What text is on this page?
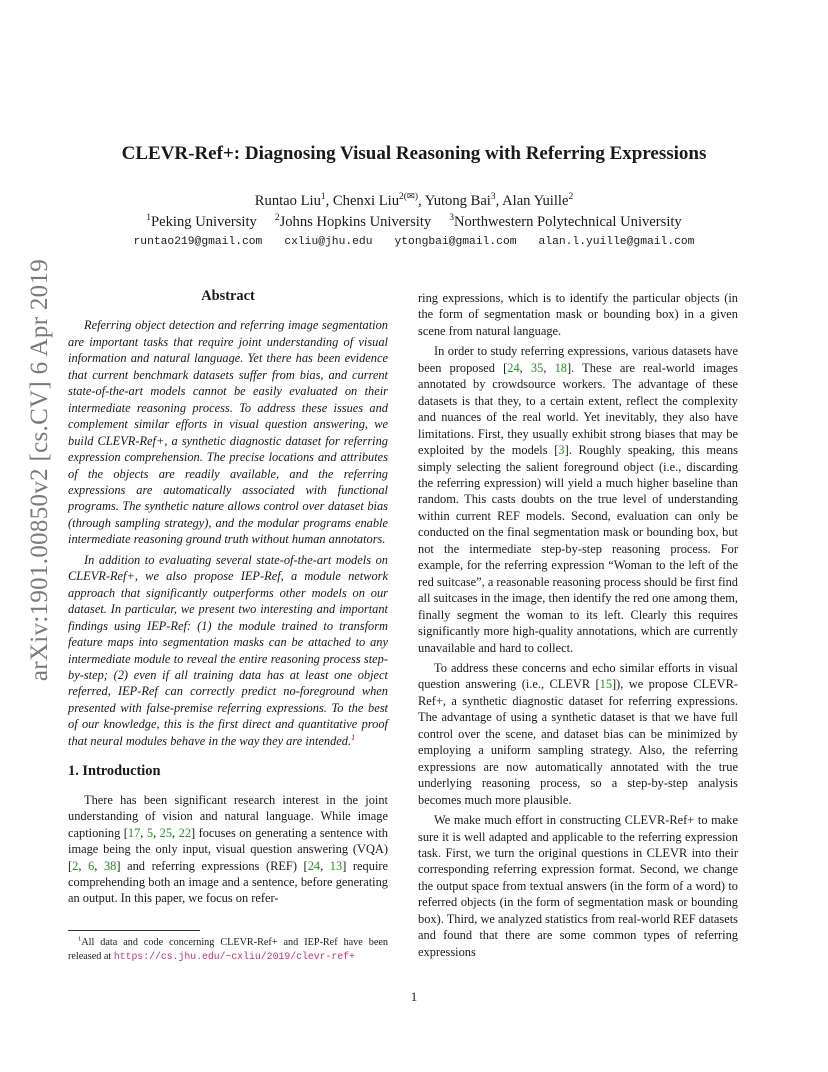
arXiv:1901.00850v2 [cs.CV] 6 Apr 2019
CLEVR-Ref+: Diagnosing Visual Reasoning with Referring Expressions
Runtao Liu$^1$, Chenxi Liu$^{2(✉)}$, Yutong Bai$^3$, Alan Yuille$^2$
$^1$Peking University $^2$Johns Hopkins University $^3$Northwestern Polytechnical University
runtao219@gmail.com cxliu@jhu.edu ytongbai@gmail.com alan.l.yuille@gmail.com
Abstract

Referring object detection and referring image segmentation are important tasks that require joint understanding of visual information and natural language. Yet there has been evidence that current benchmark datasets suffer from bias, and current state-of-the-art models cannot be easily evaluated on their intermediate reasoning process. To address these issues and complement similar efforts in visual question answering, we build CLEVR-Ref+, a synthetic diagnostic dataset for referring expression comprehension. The precise locations and attributes of the objects are readily available, and the referring expressions are automatically associated with functional programs. The synthetic nature allows control over dataset bias (through sampling strategy), and the modular programs enable intermediate reasoning ground truth without human annotators.

In addition to evaluating several state-of-the-art models on CLEVR-Ref+, we also propose IEP-Ref, a module network approach that significantly outperforms other models on our dataset. In particular, we present two interesting and important findings using IEP-Ref: (1) the module trained to transform feature maps into segmentation masks can be attached to any intermediate module to reveal the entire reasoning process step-by-step; (2) even if all training data has at least one object referred, IEP-Ref can correctly predict no-foreground when presented with false-premise referring expressions. To the best of our knowledge, this is the first direct and quantitative proof that neural modules behave in the way they are intended.$^1$

1. Introduction

There has been significant research interest in the joint understanding of vision and natural language. While image captioning [17, 5, 25, 22] focuses on generating a sentence with image being the only input, visual question answering (VQA) [2, 6, 38] and referring expressions (REF) [24, 13] require comprehending both an image and a sentence, before generating an output. In this paper, we focus on refer-

ring expressions, which is to identify the particular objects (in the form of segmentation mask or bounding box) in a given scene from natural language.

In order to study referring expressions, various datasets have been proposed [24, 35, 18]. These are real-world images annotated by crowdsource workers. The advantage of these datasets is that they, to a certain extent, reflect the complexity and nuances of the real world. Yet inevitably, they also have limitations. First, they usually exhibit strong biases that may be exploited by the models [3]. Roughly speaking, this means simply selecting the salient foreground object (i.e., discarding the referring expression) will yield a much higher baseline than random. This casts doubts on the true level of understanding within current REF models. Second, evaluation can only be conducted on the final segmentation mask or bounding box, but not the intermediate step-by-step reasoning process. For example, for the referring expression “Woman to the left of the red suitcase”, a reasonable reasoning process should be first find all suitcases in the image, then identify the red one among them, finally segment the woman to its left. Clearly this requires significantly more high-quality annotations, which are currently unavailable and hard to collect.

To address these concerns and echo similar efforts in visual question answering (i.e., CLEVR [15]), we propose CLEVR-Ref+, a synthetic diagnostic dataset for referring expressions. The advantage of using a synthetic dataset is that we have full control over the scene, and dataset bias can be minimized by employing a uniform sampling strategy. Also, the referring expressions are now automatically annotated with the true underlying reasoning process, so a step-by-step analysis becomes much more plausible.

We make much effort in constructing CLEVR-Ref+ to make sure it is well adapted and applicable to the referring expression task. First, we turn the original questions in CLEVR into their corresponding referring expression format. Second, we change the output space from textual answers (in the form of a word) to referred objects (in the form of segmentation mask or bounding box). Third, we analyzed statistics from real-world REF datasets and found that there are some common types of referring expressions

$^1$All data and code concerning CLEVR-Ref+ and IEP-Ref have been released at https://cs.jhu.edu/~cxliu/2019/clevr-ref+

1
